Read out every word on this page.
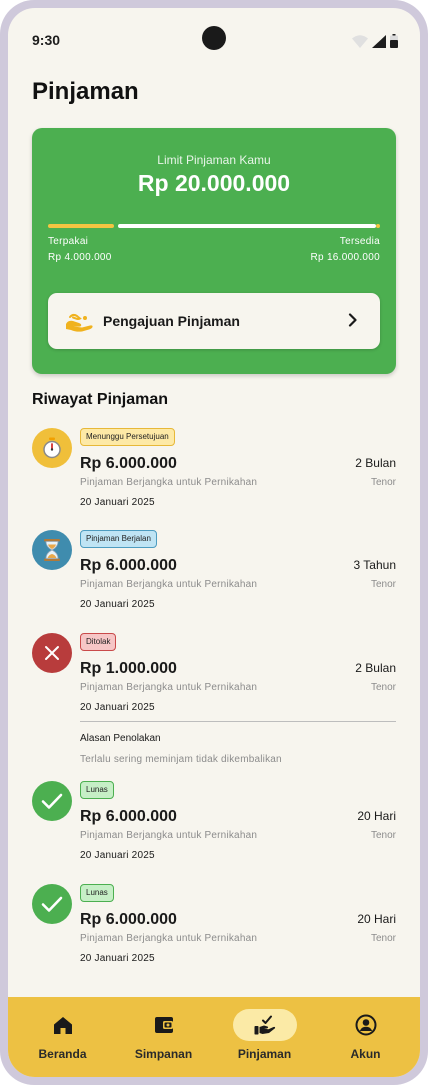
9:30
Pinjaman
Limit Pinjaman Kamu
Rp 20.000.000
Terpakai
Rp 4.000.000
Tersedia
Rp 16.000.000
Pengajuan Pinjaman
Riwayat Pinjaman
Menunggu Persetujuan
Rp 6.000.000	2 Bulan
Pinjaman Berjangka untuk Pernikahan	Tenor
20 Januari 2025
Pinjaman Berjalan
Rp 6.000.000	3 Tahun
Pinjaman Berjangka untuk Pernikahan	Tenor
20 Januari 2025
Ditolak
Rp 1.000.000	2 Bulan
Pinjaman Berjangka untuk Pernikahan	Tenor
20 Januari 2025
Alasan Penolakan
Terlalu sering meminjam tidak dikembalikan
Lunas
Rp 6.000.000	20 Hari
Pinjaman Berjangka untuk Pernikahan	Tenor
20 Januari 2025
Lunas
Rp 6.000.000	20 Hari
Pinjaman Berjangka untuk Pernikahan	Tenor
20 Januari 2025
Beranda	Simpanan	Pinjaman	Akun
